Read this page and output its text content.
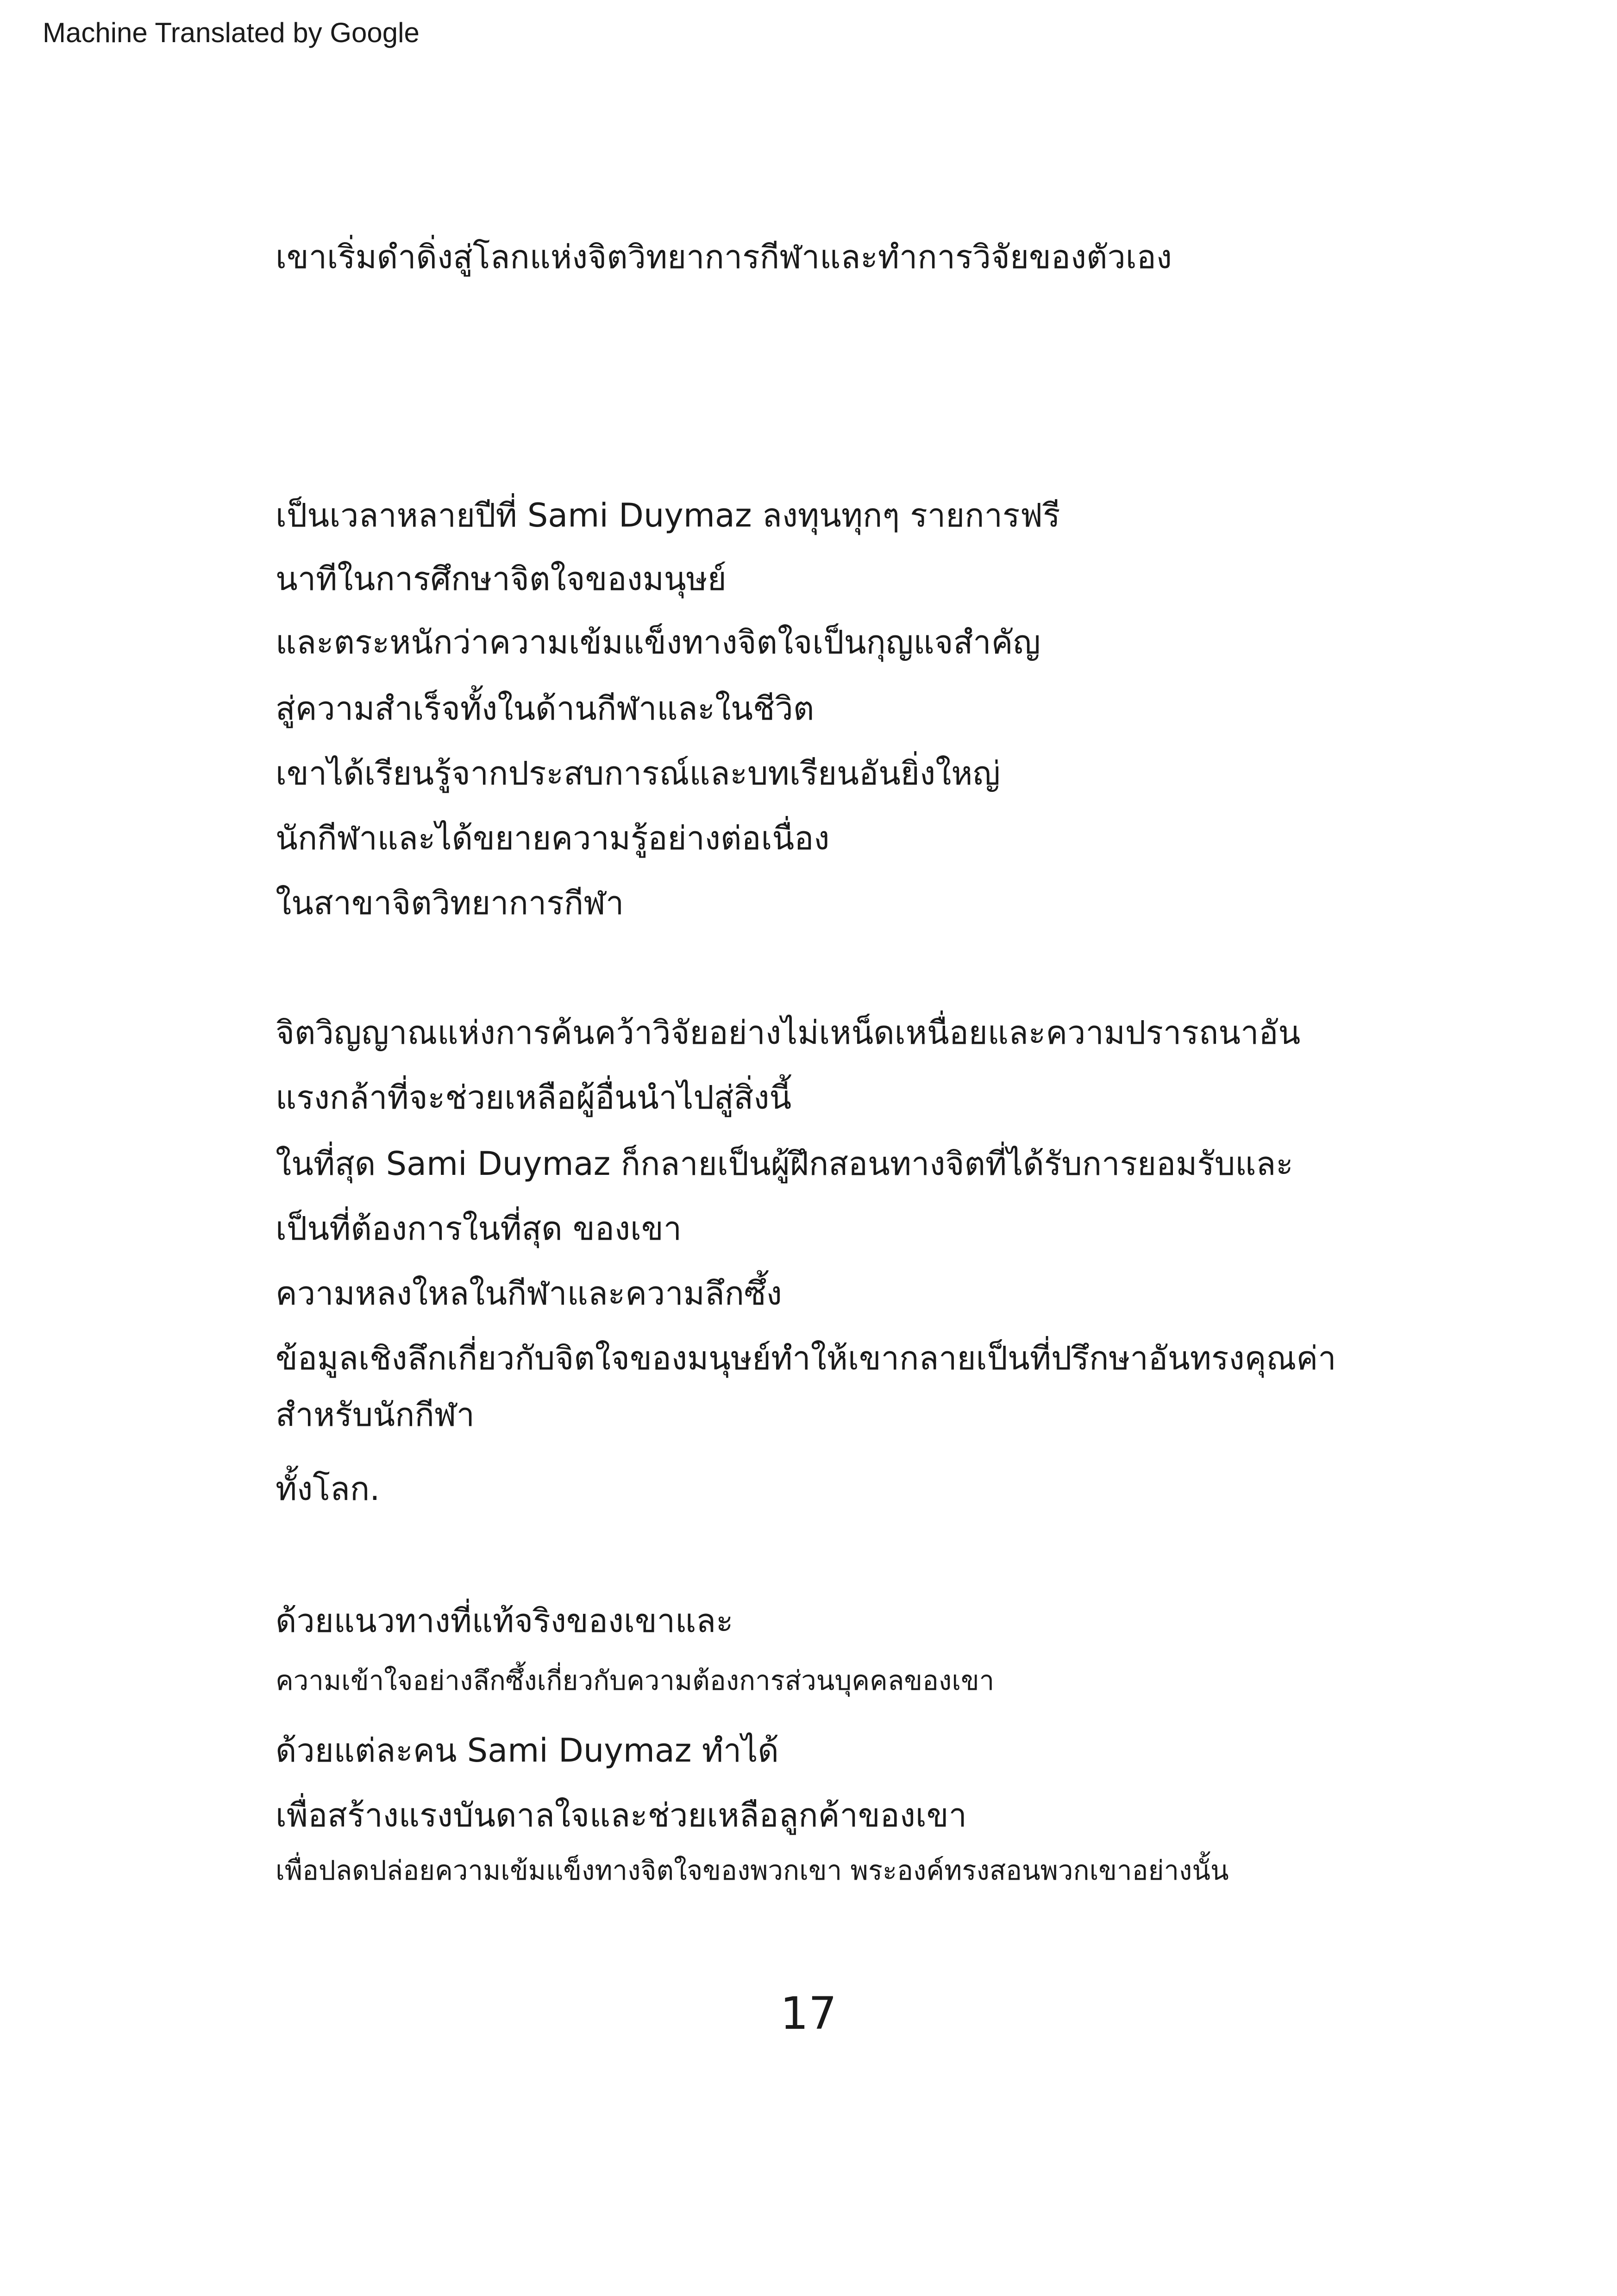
Machine Translated by Google
เขาเริ่มดำดิ่งสู่โลกแห่งจิตวิทยาการกีฬาและทำการวิจัยของตัวเอง
เป็นเวลาหลายปีที่ Sami Duymaz ลงทุนทุกๆ รายการฟรี
นาทีในการศึกษาจิตใจของมนุษย์
และตระหนักว่าความเข้มแข็งทางจิตใจเป็นกุญแจสำคัญ
สู่ความสำเร็จทั้งในด้านกีฬาและในชีวิต
เขาได้เรียนรู้จากประสบการณ์และบทเรียนอันยิ่งใหญ่
นักกีฬาและได้ขยายความรู้อย่างต่อเนื่อง
ในสาขาจิตวิทยาการกีฬา
จิตวิญญาณแห่งการค้นคว้าวิจัยอย่างไม่เหน็ดเหนื่อยและความปรารถนาอัน
แรงกล้าที่จะช่วยเหลือผู้อื่นนำไปสู่สิ่งนี้
ในที่สุด Sami Duymaz ก็กลายเป็นผู้ฝึกสอนทางจิตที่ได้รับการยอมรับและ
เป็นที่ต้องการในที่สุด ของเขา
ความหลงใหลในกีฬาและความลึกซึ้ง
ข้อมูลเชิงลึกเกี่ยวกับจิตใจของมนุษย์ทำให้เขากลายเป็นที่ปรึกษาอันทรงคุณค่า
สำหรับนักกีฬา
ทั้งโลก.
ด้วยแนวทางที่แท้จริงของเขาและ
ความเข้าใจอย่างลึกซึ้งเกี่ยวกับความต้องการส่วนบุคคลของเขา
ด้วยแต่ละคน Sami Duymaz ทำได้
เพื่อสร้างแรงบันดาลใจและช่วยเหลือลูกค้าของเขา
เพื่อปลดปล่อยความเข้มแข็งทางจิตใจของพวกเขา พระองค์ทรงสอนพวกเขาอย่างนั้น
17
